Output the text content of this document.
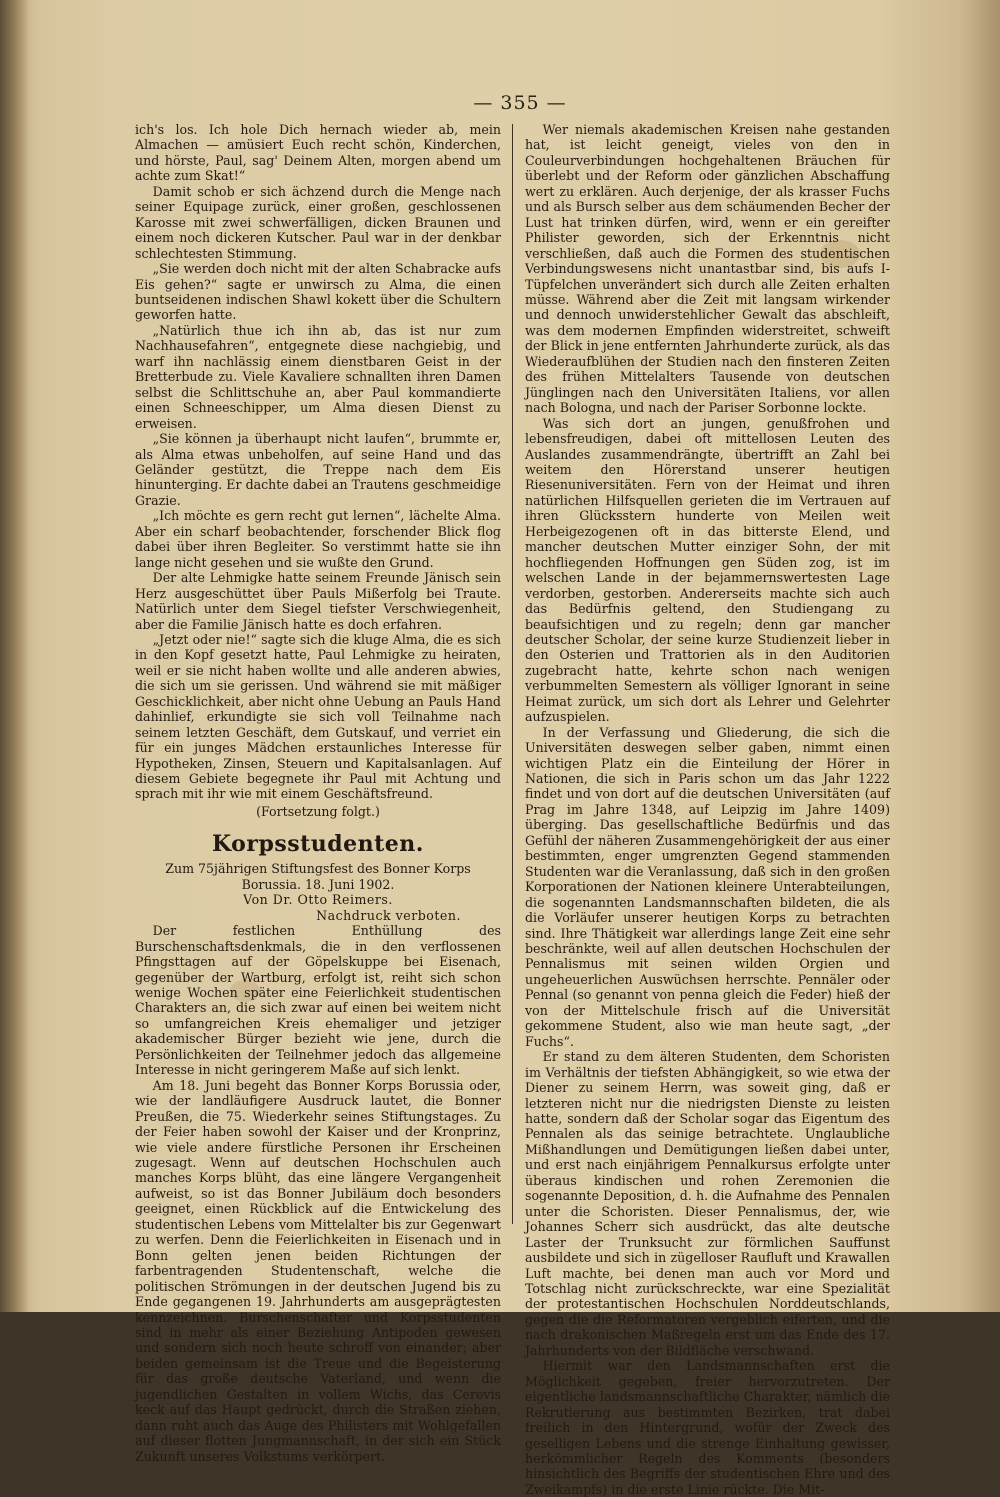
— 355 —

ich's los. Ich hole Dich hernach wieder ab, mein Almachen — amüsiert Euch recht schön, Kinderchen, und hörste, Paul, sag' Deinem Alten, morgen abend um achte zum Skat!“

Damit schob er sich ächzend durch die Menge nach seiner Equipage zurück, einer großen, geschlossenen Karosse mit zwei schwerfälligen, dicken Braunen und einem noch dickeren Kutscher. Paul war in der denkbar schlechtesten Stimmung.

„Sie werden doch nicht mit der alten Schabracke aufs Eis gehen?“ sagte er unwirsch zu Alma, die einen buntseidenen indischen Shawl kokett über die Schultern geworfen hatte.

„Natürlich thue ich ihn ab, das ist nur zum Nachhausefahren“, entgegnete diese nachgiebig, und warf ihn nachlässig einem dienstbaren Geist in der Bretterbude zu. Viele Kavaliere schnallten ihren Damen selbst die Schlittschuhe an, aber Paul kommandierte einen Schneeschipper, um Alma diesen Dienst zu erweisen.

„Sie können ja überhaupt nicht laufen“, brummte er, als Alma etwas unbeholfen, auf seine Hand und das Geländer gestützt, die Treppe nach dem Eis hinunterging. Er dachte dabei an Trautens geschmeidige Grazie.

„Ich möchte es gern recht gut lernen“, lächelte Alma. Aber ein scharf beobachtender, forschender Blick flog dabei über ihren Begleiter. So verstimmt hatte sie ihn lange nicht gesehen und sie wußte den Grund.

Der alte Lehmigke hatte seinem Freunde Jänisch sein Herz ausgeschüttet über Pauls Mißerfolg bei Traute. Natürlich unter dem Siegel tiefster Verschwiegenheit, aber die Familie Jänisch hatte es doch erfahren.

„Jetzt oder nie!“ sagte sich die kluge Alma, die es sich in den Kopf gesetzt hatte, Paul Lehmigke zu heiraten, weil er sie nicht haben wollte und alle anderen abwies, die sich um sie gerissen. Und während sie mit mäßiger Geschicklichkeit, aber nicht ohne Uebung an Pauls Hand dahinlief, erkundigte sie sich voll Teilnahme nach seinem letzten Geschäft, dem Gutskauf, und verriet ein für ein junges Mädchen erstaunliches Interesse für Hypotheken, Zinsen, Steuern und Kapitalsanlagen. Auf diesem Gebiete begegnete ihr Paul mit Achtung und sprach mit ihr wie mit einem Geschäftsfreund.

(Fortsetzung folgt.)

Korpsstudenten.

Zum 75jährigen Stiftungsfest des Bonner Korps Borussia. 18. Juni 1902.

Von Dr. Otto Reimers.

Nachdruck verboten.

Der festlichen Enthüllung des Burschenschaftsdenkmals, die in den verflossenen Pfingsttagen auf der Göpelskuppe bei Eisenach, gegenüber der Wartburg, erfolgt ist, reiht sich schon wenige Wochen später eine Feierlichkeit studentischen Charakters an, die sich zwar auf einen bei weitem nicht so umfangreichen Kreis ehemaliger und jetziger akademischer Bürger bezieht wie jene, durch die Persönlichkeiten der Teilnehmer jedoch das allgemeine Interesse in nicht geringerem Maße auf sich lenkt.

Am 18. Juni begeht das Bonner Korps Borussia oder, wie der landläufigere Ausdruck lautet, die Bonner Preußen, die 75. Wiederkehr seines Stiftungstages. Zu der Feier haben sowohl der Kaiser und der Kronprinz, wie viele andere fürstliche Personen ihr Erscheinen zugesagt. Wenn auf deutschen Hochschulen auch manches Korps blüht, das eine längere Vergangenheit aufweist, so ist das Bonner Jubiläum doch besonders geeignet, einen Rückblick auf die Entwickelung des studentischen Lebens vom Mittelalter bis zur Gegenwart zu werfen. Denn die Feierlichkeiten in Eisenach und in Bonn gelten jenen beiden Richtungen der farbentragenden Studentenschaft, welche die politischen Strömungen in der deutschen Jugend bis zu Ende gegangenen 19. Jahrhunderts am ausgeprägtesten kennzeichnen. Burschenschafter und Korpsstudenten sind in mehr als einer Beziehung Antipoden gewesen und sondern sich noch heute schroff von einander; aber beiden gemeinsam ist die Treue und die Begeisterung für das große deutsche Vaterland, und wenn die jugendlichen Gestalten in vollem Wichs, das Cerevis keck auf das Haupt gedrückt, durch die Straßen ziehen, dann ruht auch das Auge des Philisters mit Wohlgefallen auf dieser flotten Jungmannschaft, in der sich ein Stück Zukunft unseres Volkstums verkörpert.

Wer niemals akademischen Kreisen nahe gestanden hat, ist leicht geneigt, vieles von den in Couleurverbindungen hochgehaltenen Bräuchen für überlebt und der Reform oder gänzlichen Abschaffung wert zu erklären. Auch derjenige, der als krasser Fuchs und als Bursch selber aus dem schäumenden Becher der Lust hat trinken dürfen, wird, wenn er ein gereifter Philister geworden, sich der Erkenntnis nicht verschließen, daß auch die Formen des studentischen Verbindungswesens nicht unantastbar sind, bis aufs I-Tüpfelchen unverändert sich durch alle Zeiten erhalten müsse. Während aber die Zeit mit langsam wirkender und dennoch unwiderstehlicher Gewalt das abschleift, was dem modernen Empfinden widerstreitet, schweift der Blick in jene entfernten Jahrhunderte zurück, als das Wiederaufblühen der Studien nach den finsteren Zeiten des frühen Mittelalters Tausende von deutschen Jünglingen nach den Universitäten Italiens, vor allen nach Bologna, und nach der Pariser Sorbonne lockte.

Was sich dort an jungen, genußfrohen und lebensfreudigen, dabei oft mittellosen Leuten des Auslandes zusammendrängte, übertrifft an Zahl bei weitem den Hörerstand unserer heutigen Riesenuniversitäten. Fern von der Heimat und ihren natürlichen Hilfsquellen gerieten die im Vertrauen auf ihren Glücksstern hunderte von Meilen weit Herbeigezogenen oft in das bitterste Elend, und mancher deutschen Mutter einziger Sohn, der mit hochfliegenden Hoffnungen gen Süden zog, ist im welschen Lande in der bejammernswertesten Lage verdorben, gestorben. Andererseits machte sich auch das Bedürfnis geltend, den Studiengang zu beaufsichtigen und zu regeln; denn gar mancher deutscher Scholar, der seine kurze Studienzeit lieber in den Osterien und Trattorien als in den Auditorien zugebracht hatte, kehrte schon nach wenigen verbummelten Semestern als völliger Ignorant in seine Heimat zurück, um sich dort als Lehrer und Gelehrter aufzuspielen.

In der Verfassung und Gliederung, die sich die Universitäten deswegen selber gaben, nimmt einen wichtigen Platz ein die Einteilung der Hörer in Nationen, die sich in Paris schon um das Jahr 1222 findet und von dort auf die deutschen Universitäten (auf Prag im Jahre 1348, auf Leipzig im Jahre 1409) überging. Das gesellschaftliche Bedürfnis und das Gefühl der näheren Zusammengehörigkeit der aus einer bestimmten, enger umgrenzten Gegend stammenden Studenten war die Veranlassung, daß sich in den großen Korporationen der Nationen kleinere Unterabteilungen, die sogenannten Landsmannschaften bildeten, die als die Vorläufer unserer heutigen Korps zu betrachten sind. Ihre Thätigkeit war allerdings lange Zeit eine sehr beschränkte, weil auf allen deutschen Hochschulen der Pennalismus mit seinen wilden Orgien und ungeheuerlichen Auswüchsen herrschte. Pennäler oder Pennal (so genannt von penna gleich die Feder) hieß der von der Mittelschule frisch auf die Universität gekommene Student, also wie man heute sagt, „der Fuchs“.

Er stand zu dem älteren Studenten, dem Schoristen im Verhältnis der tiefsten Abhängigkeit, so wie etwa der Diener zu seinem Herrn, was soweit ging, daß er letzteren nicht nur die niedrigsten Dienste zu leisten hatte, sondern daß der Scholar sogar das Eigentum des Pennalen als das seinige betrachtete. Unglaubliche Mißhandlungen und Demütigungen ließen dabei unter, und erst nach einjährigem Pennalkursus erfolgte unter überaus kindischen und rohen Zeremonien die sogenannte Deposition, d. h. die Aufnahme des Pennalen unter die Schoristen. Dieser Pennalismus, der, wie Johannes Scherr sich ausdrückt, das alte deutsche Laster der Trunksucht zur förmlichen Sauffunst ausbildete und sich in zügelloser Raufluft und Krawallen Luft machte, bei denen man auch vor Mord und Totschlag nicht zurückschreckte, war eine Spezialität der protestantischen Hochschulen Norddeutschlands, gegen die die Reformatoren vergeblich eiferten, und die nach drakonischen Maßregeln erst um das Ende des 17. Jahrhunderts von der Bildfläche verschwand.

Hiermit war den Landsmannschaften erst die Möglichkeit gegeben, freier hervorzutreten. Der eigentliche landsmannschaftliche Charakter, nämlich die Rekrutierung aus bestimmten Bezirken, trat dabei freilich in den Hintergrund, wofür der Zweck des geselligen Lebens und die strenge Einhaltung gewisser, herkömmlicher Regeln des Komments (besonders hinsichtlich des Begriffs der studentischen Ehre und des Zweikampfs) in die erste Linie rückte. Die Mit-
